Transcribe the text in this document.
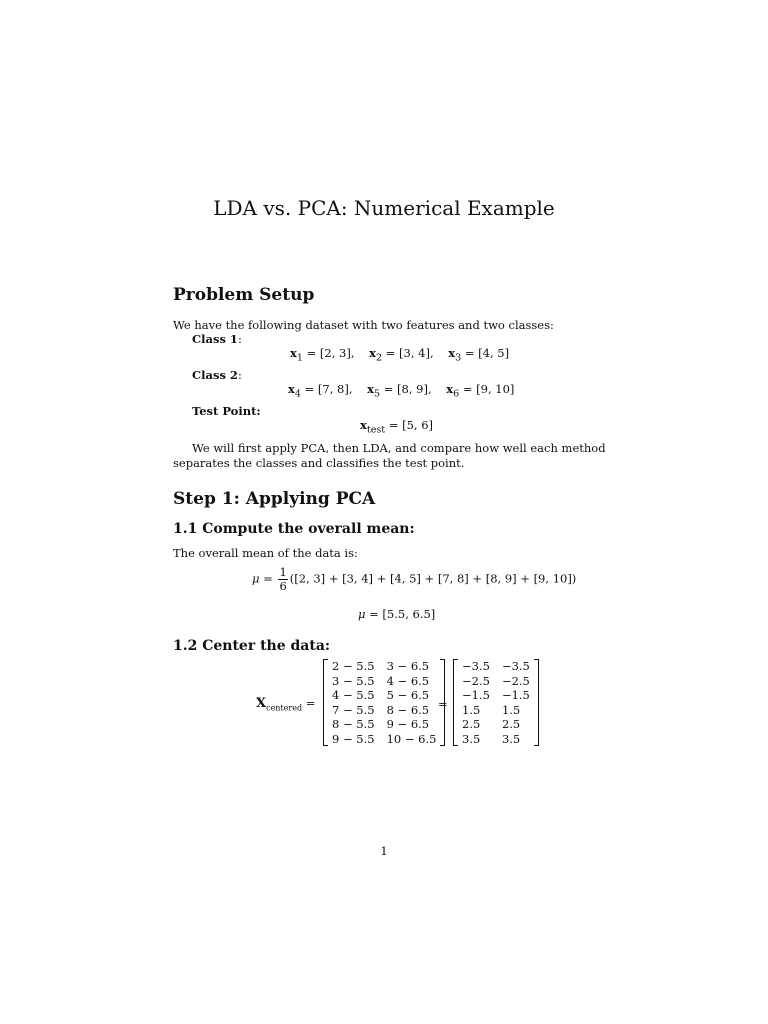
LDA vs. PCA: Numerical Example
Problem Setup
We have the following dataset with two features and two classes:
Class 1:
$x_1 = [2$, 3], $x_2 = [3$, 4], $x_3 = [4$, 5]
Class 2:
$x_4 = [7$, 8], $x_5 = [8$, 9], $x_6 = [9$, 10]
Test Point:
$x_{test} = [5$, 6]
We will first apply PCA, then LDA, and compare how well each method
separates the classes and classifies the test point.
Step 1: Applying PCA
1.1 Compute the overall mean:
The overall mean of the data is:
$\mu = \frac{1}{6} ([2$, 3] + [3, 4] + [4, 5] + [7, 8] + [8, 9] + [9, 10])
μ = [5.5, 6.5]
1.2 Center the data:
$X_{centered}$ =
2 − 5.5	3 − 6.5
3 − 5.5	4 − 6.5
4 − 5.5	5 − 6.5
7 − 5.5	8 − 6.5
8 − 5.5	9 − 6.5
9 − 5.5	10 − 6.5
=
−3.5	−3.5
−2.5	−2.5
−1.5	−1.5
1.5	1.5
2.5	2.5
3.5	3.5
1
